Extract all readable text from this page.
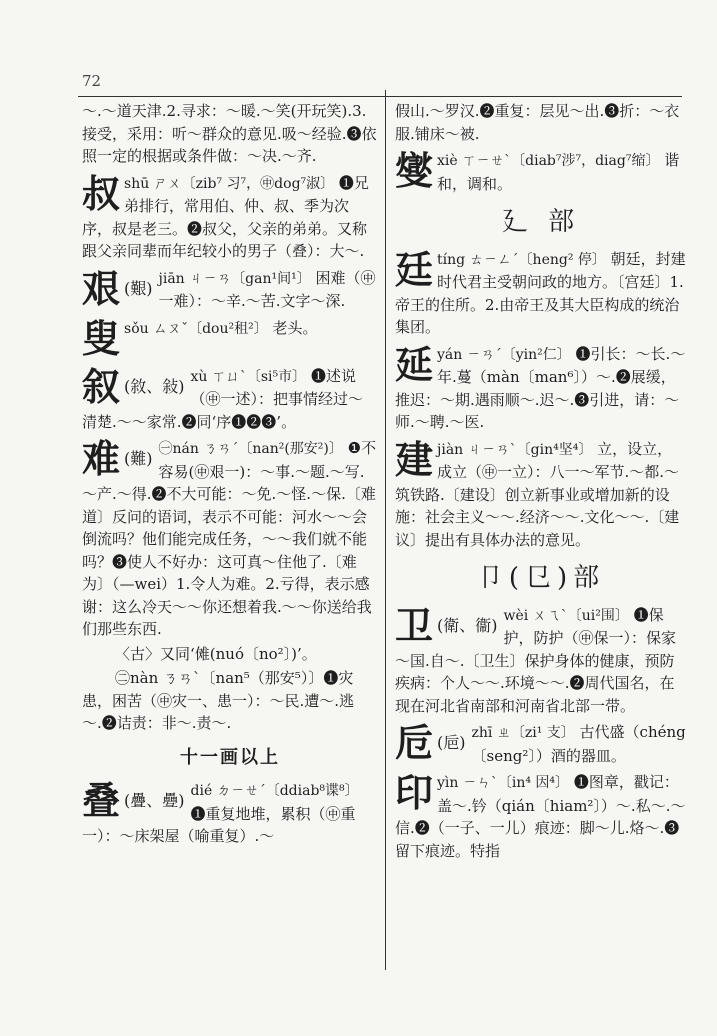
72
～.～道天津.2.寻求：～暖.～笑(开玩笑).3.接受，采用：听～群众的意见.吸～经验.❸依照一定的根据或条件做：～决.～齐.
叔 shū ㄕㄨ〔zib⁷ 习⁷，㊥dog⁷淑〕 ❶兄弟排行，常用伯、仲、叔、季为次序，叔是老三。❷叔父，父亲的弟弟。又称跟父亲同辈而年纪较小的男子（叠）：大～.
艰 (艱) jiān ㄐㄧㄢ〔gan¹间¹〕 困难（㊥一难）：～辛.～苦.文字～深.
叟 sǒu ㄙㄡˇ〔dou²租²〕 老头。
叙 (敘、敍) xù ㄒㄩˋ〔si⁵市〕 ❶述说（㊥一述）：把事情经过～清楚.～～家常.❷同‘序❶❷❸’。
难 (難) ㊀nán ㄋㄢˊ〔nan²(那安²)〕 ❶不容易(㊥艰一)：～事.～题.～写.～产.～得.❷不大可能：～免.～怪.～保.〔难道〕反问的语词，表示不可能：河水～～会倒流吗？他们能完成任务，～～我们就不能吗？❸使人不好办：这可真～住他了.〔难为〕（—wei）1.令人为难。2.亏得，表示感谢：这么冷天～～你还想着我.～～你送给我们那些东西.
〈古〉又同‘傩(nuó〔no²〕)’。
㊁nàn ㄋㄢˋ〔nan⁵（那安⁵）〕❶灾患，困苦（㊥灾一、患一）：～民.遭～.逃～.❷诘责：非～.责～.
十一画以上
叠 (疊、疉) dié ㄉㄧㄝˊ〔ddiab⁸谍⁸〕 ❶重复地堆，累积（㊥重一）：～床架屋（喻重复）.～
假山.～罗汉.❷重复：层见～出.❸折：～衣服.铺床～被.
燮 xiè ㄒㄧㄝˋ〔diab⁷涉⁷，diag⁷缩〕 谐和，调和。
廴 部
廷 tíng ㄊㄧㄥˊ〔heng² 停〕 朝廷，封建时代君主受朝问政的地方。〔宫廷〕1.帝王的住所。2.由帝王及其大臣构成的统治集团。
延 yán ㄧㄢˊ〔yin²仁〕 ❶引长：～长.～年.蔓（màn〔man⁶〕）～.❷展缓，推迟：～期.遇雨顺～.迟～.❸引进，请：～师.～聘.～医.
建 jiàn ㄐㄧㄢˋ〔gin⁴坚⁴〕 立，设立，成立（㊥一立）：八一～军节.～都.～筑铁路.〔建设〕创立新事业或增加新的设施：社会主义～～.经济～～.文化～～.〔建议〕提出有具体办法的意见。
卩(㔾)部
卫 (衛、衞) wèi ㄨㄟˋ〔ui²围〕 ❶保护，防护（㊥保一）：保家～国.自～.〔卫生〕保护身体的健康，预防疾病：个人～～.环境～～.❷周代国名，在现在河北省南部和河南省北部一带。
卮 (巵) zhī ㄓ〔zi¹ 支〕 古代盛（chéng〔seng²〕）酒的器皿。
印 yìn ㄧㄣˋ〔in⁴ 因⁴〕 ❶图章，戳记：盖～.钤（qián〔hiam²〕）～.私～.～信.❷（一子、一儿）痕迹：脚～儿.烙～.❸留下痕迹。特指
